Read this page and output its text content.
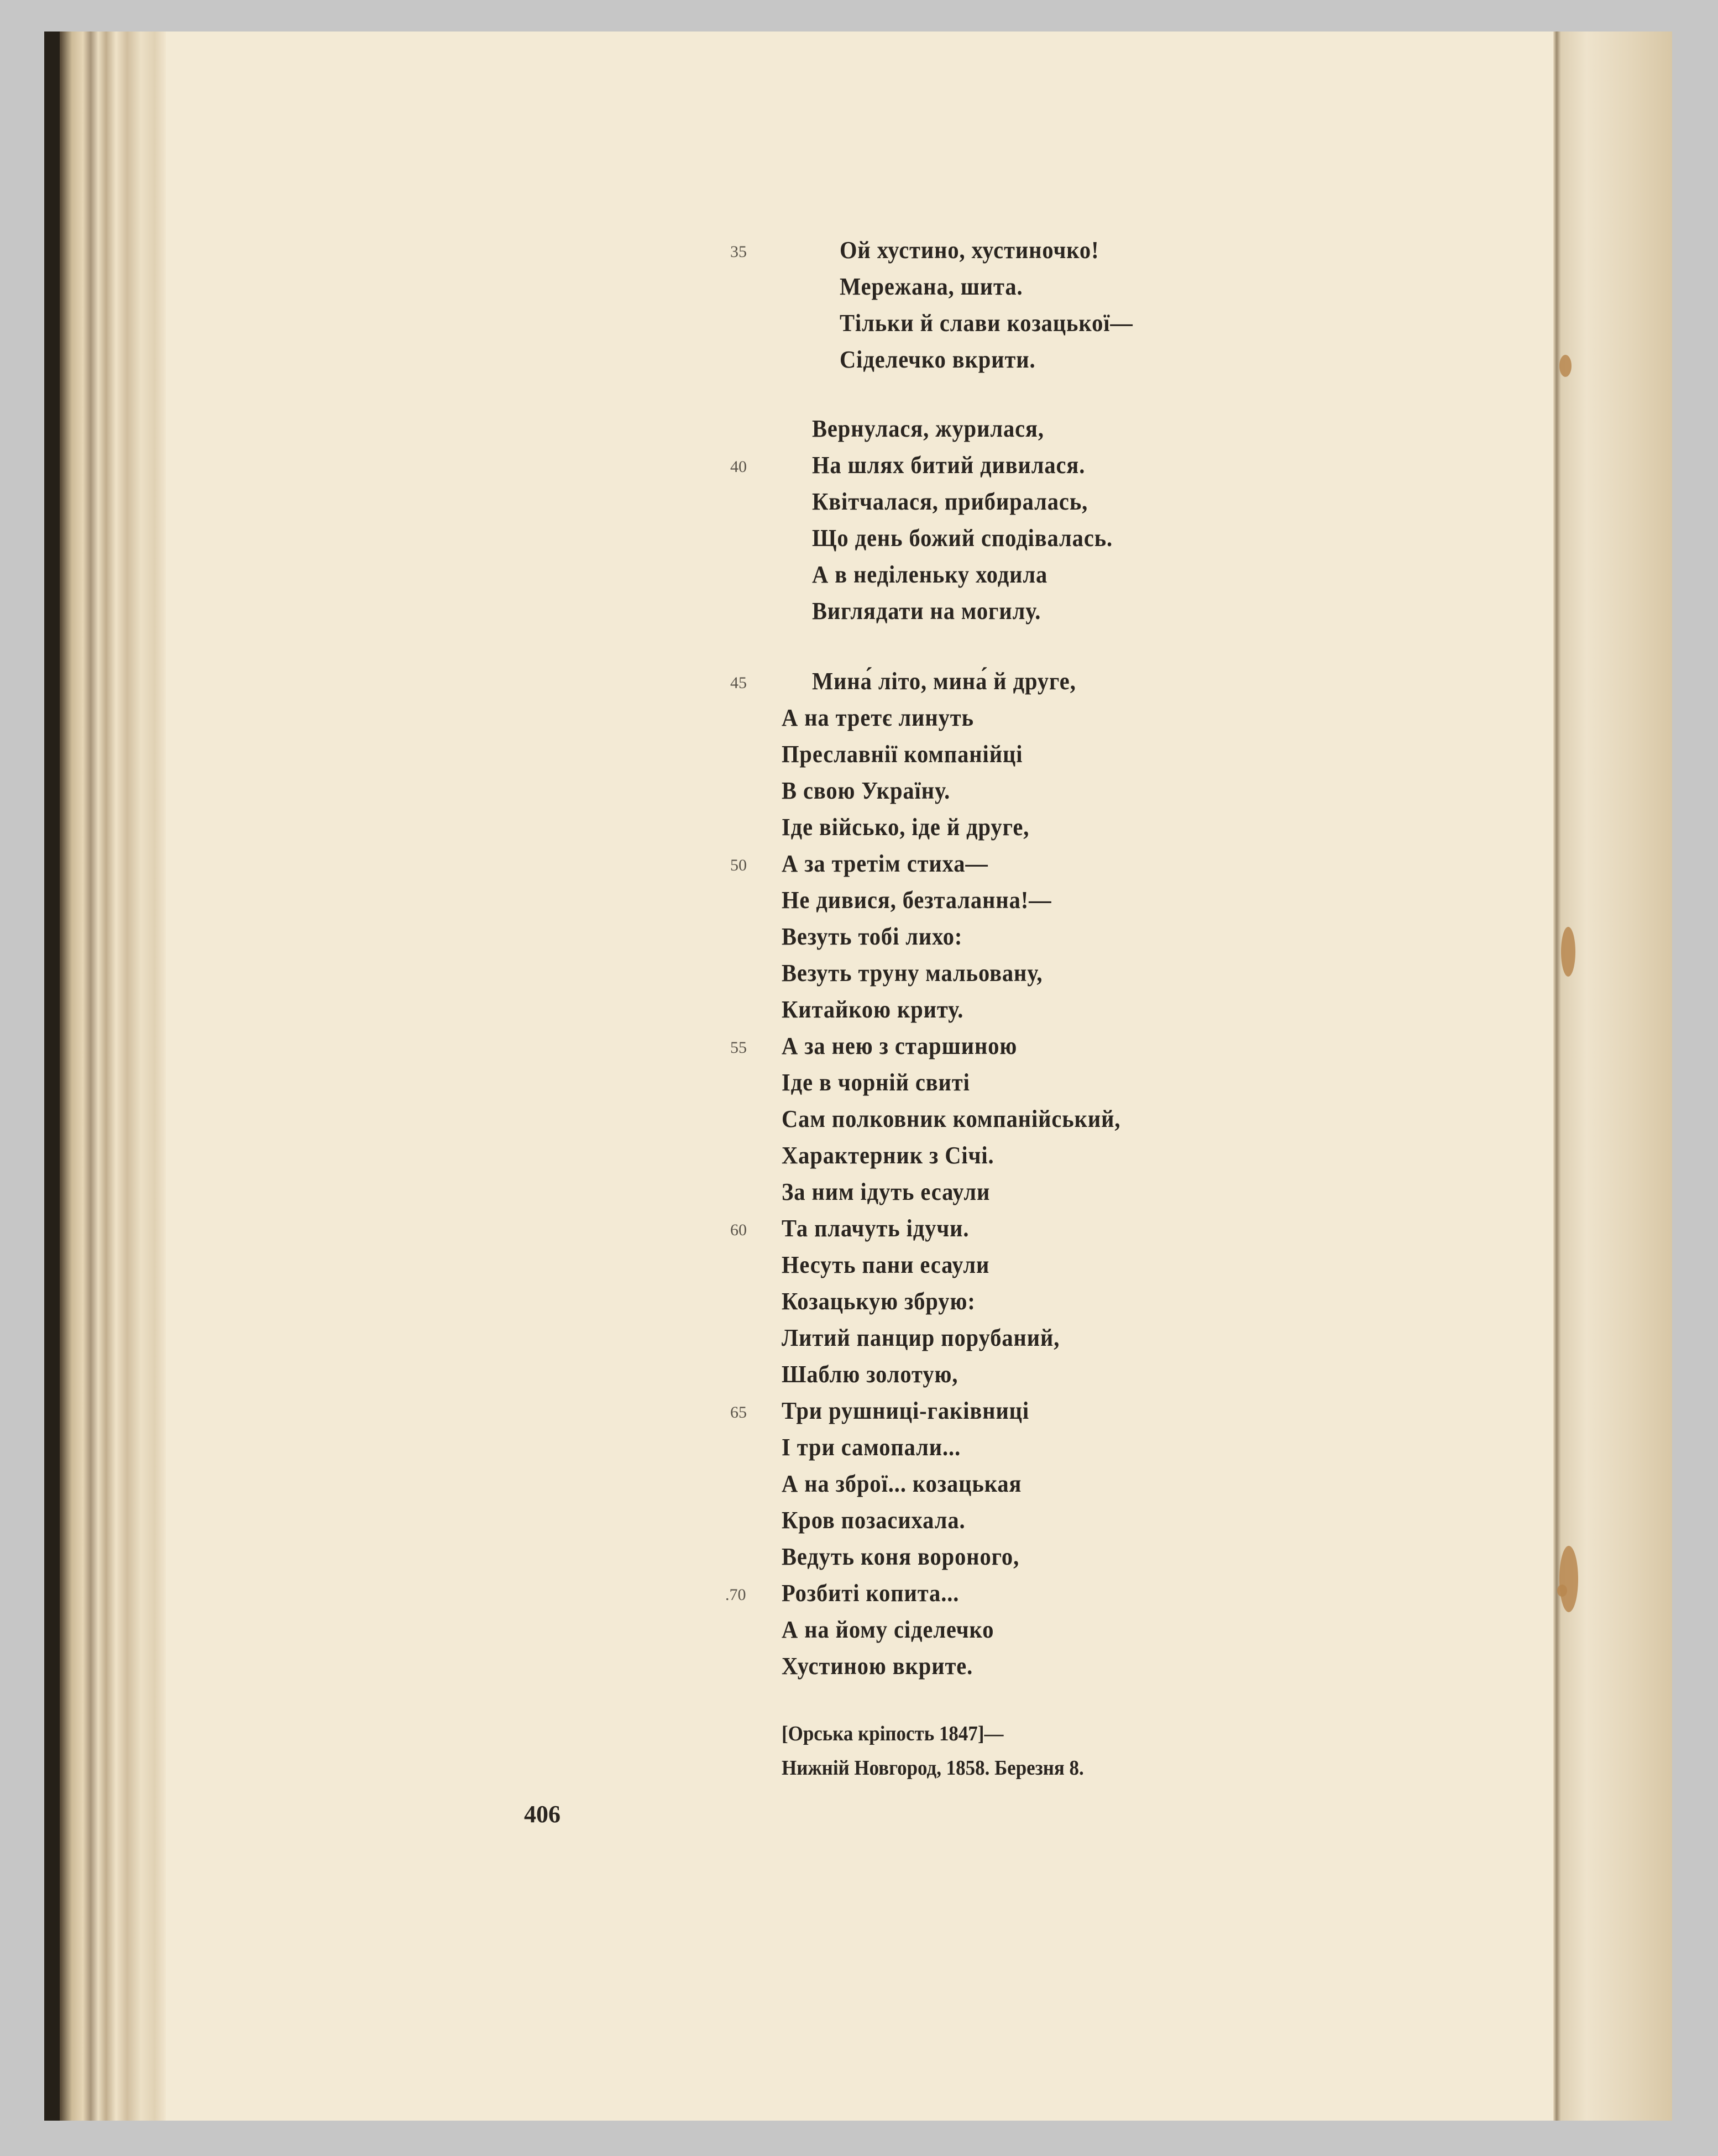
Ой хустино, хустиночко!
Мережана, шита.
Тільки й слави козацької—
Сіделечко вкрити.
Вернулася, журилася,
На шлях битий дивилася.
Квітчалася, прибиралась,
Що день божий сподівалась.
А в неділеньку ходила
Виглядати на могилу.
Мина́ літо, мина́ й друге,
А на третє линуть
Преславнії компанійці
В свою Україну.
Іде військо, іде й друге,
А за третім стиха—
Не дивися, безталанна!—
Везуть тобі лихо:
Везуть труну мальовану,
Китайкою криту.
А за нею з старшиною
Іде в чорній свиті
Сам полковник компанійський,
Характерник з Січі.
За ним ідуть есаули
Та плачуть ідучи.
Несуть пани есаули
Козацькую збрую:
Литий панцир порубаний,
Шаблю золотую,
Три рушниці-гаківниці
І три самопали...
А на зброї... козацькая
Кров позасихала.
Ведуть коня вороного,
Розбиті копита...
А на йому сіделечко
Хустиною вкрите.
35
40
45
50
55
60
65
.70
[Орська кріпость 1847]—
Нижній Новгород, 1858. Березня 8.
406
